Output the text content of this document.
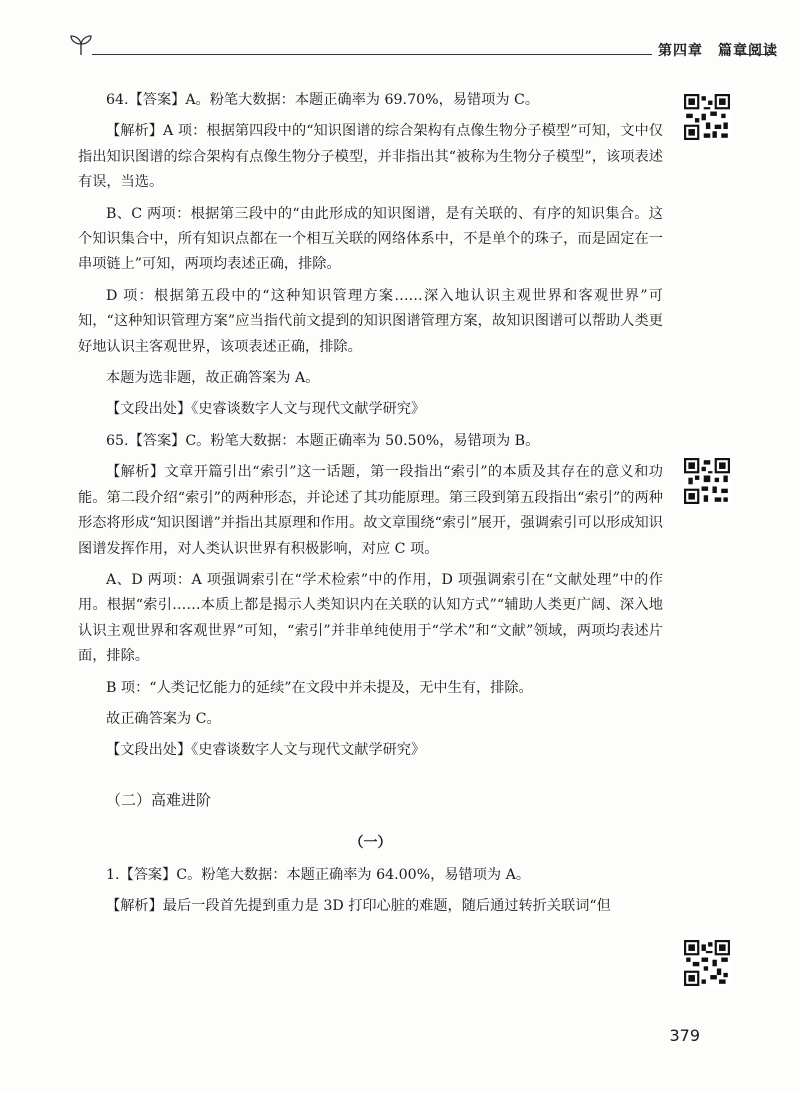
第四章　篇章阅读

64.【答案】A。粉笔大数据：本题正确率为 69.70%，易错项为 C。

【解析】A 项：根据第四段中的“知识图谱的综合架构有点像生物分子模型”可知，文中仅指出知识图谱的综合架构有点像生物分子模型，并非指出其“被称为生物分子模型”，该项表述有误，当选。

B、C 两项：根据第三段中的“由此形成的知识图谱，是有关联的、有序的知识集合。这个知识集合中，所有知识点都在一个相互关联的网络体系中，不是单个的珠子，而是固定在一串项链上”可知，两项均表述正确，排除。

D 项：根据第五段中的“这种知识管理方案……深入地认识主观世界和客观世界”可知，“这种知识管理方案”应当指代前文提到的知识图谱管理方案，故知识图谱可以帮助人类更好地认识主客观世界，该项表述正确，排除。

本题为选非题，故正确答案为 A。

【文段出处】《史睿谈数字人文与现代文献学研究》

65.【答案】C。粉笔大数据：本题正确率为 50.50%，易错项为 B。

【解析】文章开篇引出“索引”这一话题，第一段指出“索引”的本质及其存在的意义和功能。第二段介绍“索引”的两种形态，并论述了其功能原理。第三段到第五段指出“索引”的两种形态将形成“知识图谱”并指出其原理和作用。故文章围绕“索引”展开，强调索引可以形成知识图谱发挥作用，对人类认识世界有积极影响，对应 C 项。

A、D 两项：A 项强调索引在“学术检索”中的作用，D 项强调索引在“文献处理”中的作用。根据“索引……本质上都是揭示人类知识内在关联的认知方式”“辅助人类更广阔、深入地认识主观世界和客观世界”可知，“索引”并非单纯使用于“学术”和“文献”领域，两项均表述片面，排除。

B 项：“人类记忆能力的延续”在文段中并未提及，无中生有，排除。

故正确答案为 C。

【文段出处】《史睿谈数字人文与现代文献学研究》

（二）高难进阶
（一）

1.【答案】C。粉笔大数据：本题正确率为 64.00%，易错项为 A。

【解析】最后一段首先提到重力是 3D 打印心脏的难题，随后通过转折关联词“但

379
